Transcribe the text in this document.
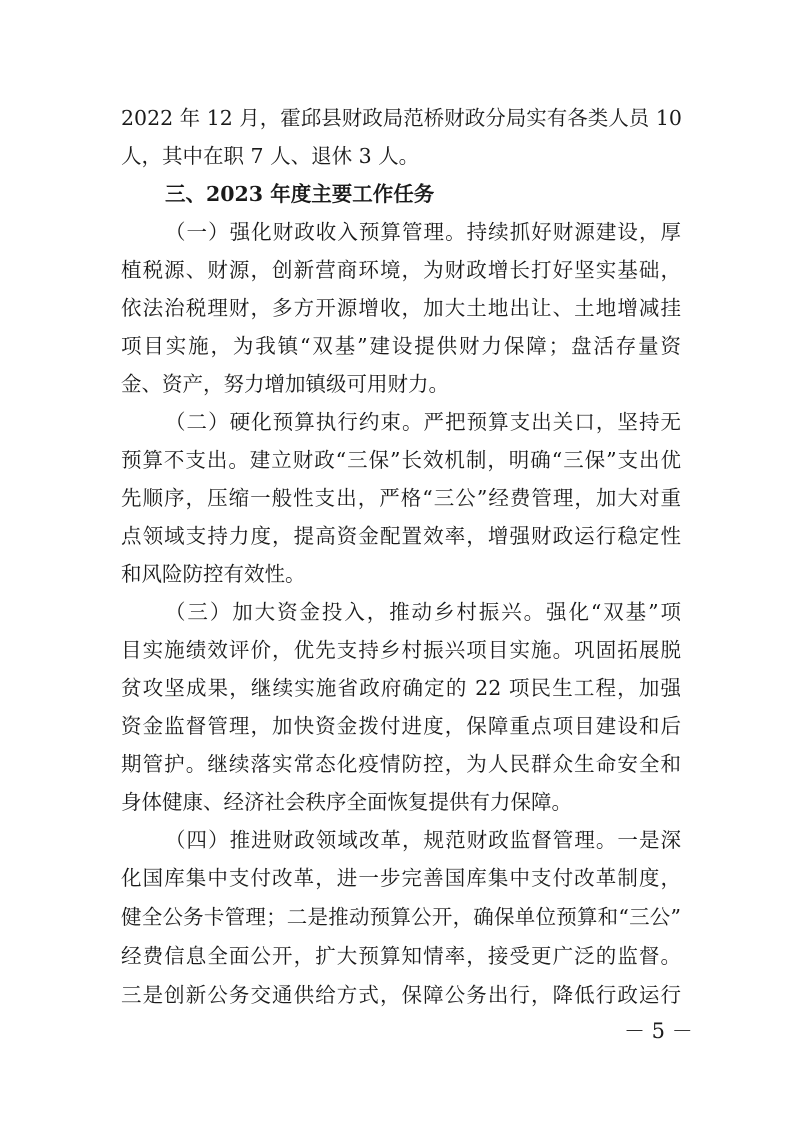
2022 年 12 月，霍邱县财政局范桥财政分局实有各类人员 10
人，其中在职 7 人、退休 3 人。
三、2023 年度主要工作任务
（一）强化财政收入预算管理。持续抓好财源建设，厚
植税源、财源，创新营商环境，为财政增长打好坚实基础，
依法治税理财，多方开源增收，加大土地出让、土地增减挂
项目实施，为我镇“双基”建设提供财力保障；盘活存量资
金、资产，努力增加镇级可用财力。
（二）硬化预算执行约束。严把预算支出关口，坚持无
预算不支出。建立财政“三保”长效机制，明确“三保”支出优
先顺序，压缩一般性支出，严格“三公”经费管理，加大对重
点领域支持力度，提高资金配置效率，增强财政运行稳定性
和风险防控有效性。
（三）加大资金投入，推动乡村振兴。强化“双基”项
目实施绩效评价，优先支持乡村振兴项目实施。巩固拓展脱
贫攻坚成果，继续实施省政府确定的 22 项民生工程，加强
资金监督管理，加快资金拨付进度，保障重点项目建设和后
期管护。继续落实常态化疫情防控，为人民群众生命安全和
身体健康、经济社会秩序全面恢复提供有力保障。
（四）推进财政领域改革，规范财政监督管理。一是深
化国库集中支付改革，进一步完善国库集中支付改革制度，
健全公务卡管理；二是推动预算公开，确保单位预算和“三公”
经费信息全面公开，扩大预算知情率，接受更广泛的监督。
三是创新公务交通供给方式，保障公务出行，降低行政运行
－ 5 －
